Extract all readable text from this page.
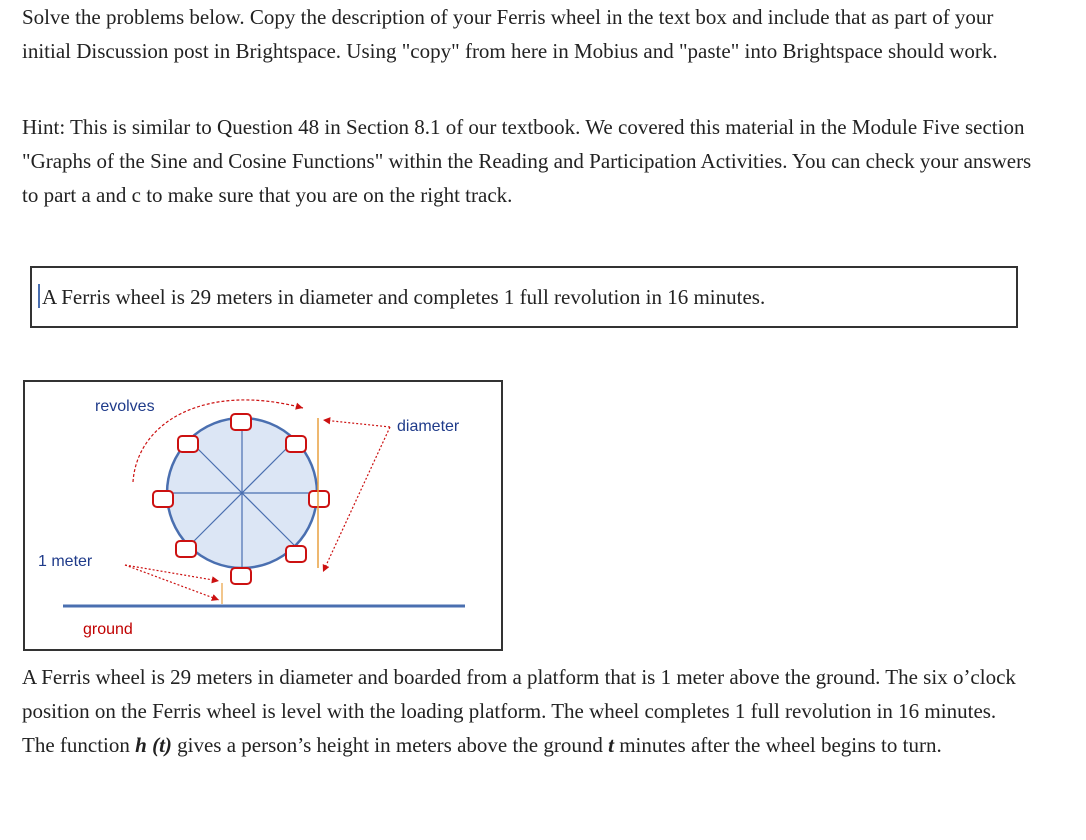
Solve the problems below. Copy the description of your Ferris wheel in the text box and include that as part of your initial Discussion post in Brightspace. Using "copy" from here in Mobius and "paste" into Brightspace should work.

Hint: This is similar to Question 48 in Section 8.1 of our textbook. We covered this material in the Module Five section "Graphs of the Sine and Cosine Functions" within the Reading and Participation Activities. You can check your answers to part a and c to make sure that you are on the right track.

A Ferris wheel is 29 meters in diameter and completes 1 full revolution in 16 minutes.
revolves
diameter
1 meter
ground

A Ferris wheel is 29 meters in diameter and boarded from a platform that is 1 meter above the ground. The six o’clock position on the Ferris wheel is level with the loading platform. The wheel completes 1 full revolution in 16 minutes. The function h (t) gives a person’s height in meters above the ground t minutes after the wheel begins to turn.
